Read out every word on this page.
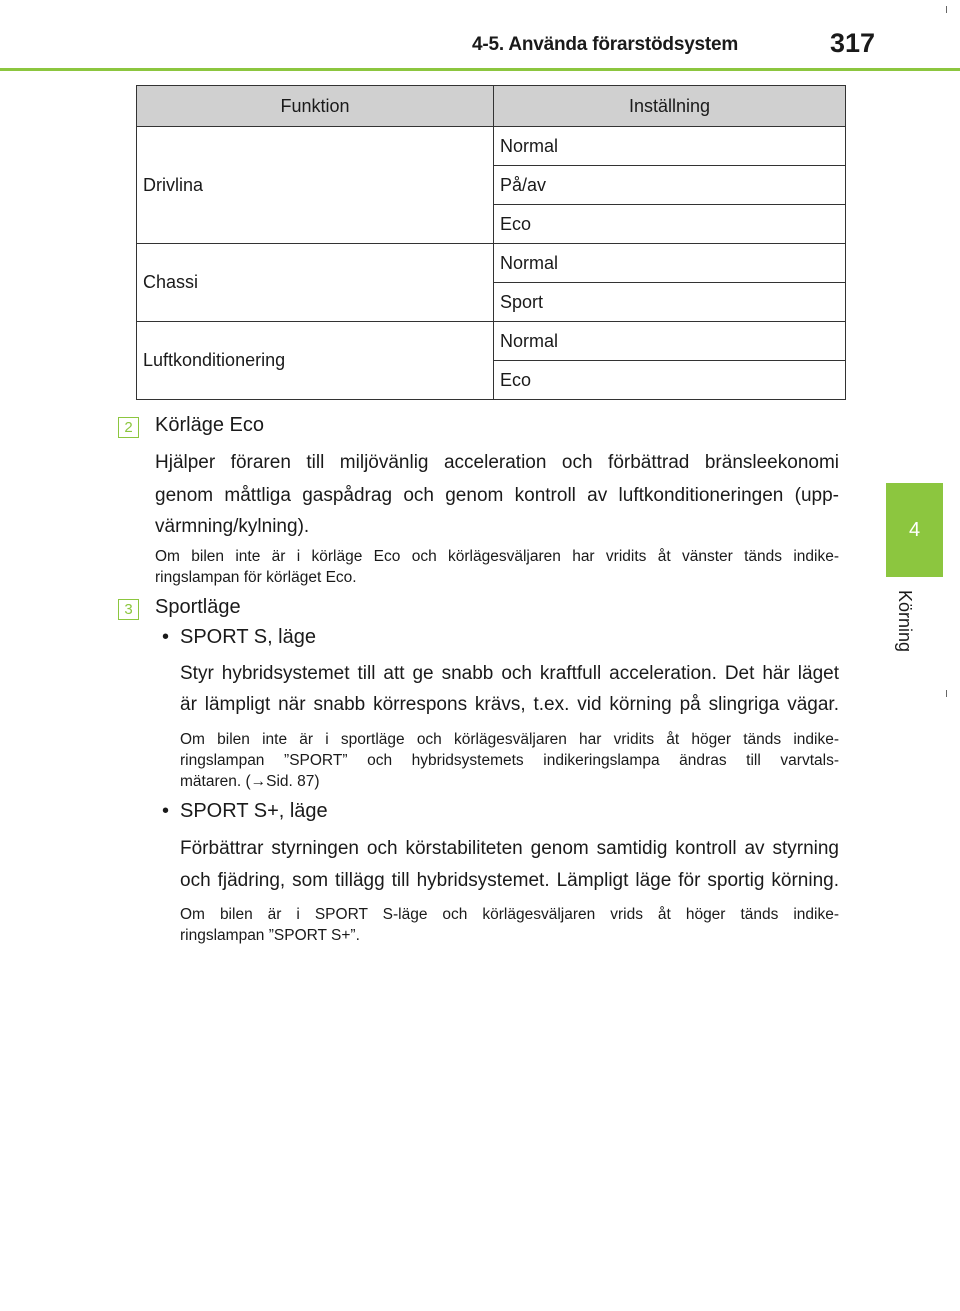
4-5. Använda förarstödsystem	317
4
Körning
Funktion	Inställning
Drivlina	Normal
	På/av
	Eco
Chassi	Normal
	Sport
Luftkonditionering	Normal
	Eco
2	Körläge Eco
Hjälper föraren till miljövänlig acceleration och förbättrad bränsleekonomi
genom måttliga gaspådrag och genom kontroll av luftkonditioneringen (upp-
värmning/kylning).
Om bilen inte är i körläge Eco och körlägesväljaren har vridits åt vänster tänds indike-
ringslampan för körläget Eco.
3	Sportläge
• SPORT S, läge
Styr hybridsystemet till att ge snabb och kraftfull acceleration. Det här läget
är lämpligt när snabb körrespons krävs, t.ex. vid körning på slingriga vägar.
Om bilen inte är i sportläge och körlägesväljaren har vridits åt höger tänds indike-
ringslampan ”SPORT” och hybridsystemets indikeringslampa ändras till varvtals-
mätaren. (→Sid. 87)
• SPORT S+, läge
Förbättrar styrningen och körstabiliteten genom samtidig kontroll av styrning
och fjädring, som tillägg till hybridsystemet. Lämpligt läge för sportig körning.
Om bilen är i SPORT S-läge och körlägesväljaren vrids åt höger tänds indike-
ringslampan ”SPORT S+”.
